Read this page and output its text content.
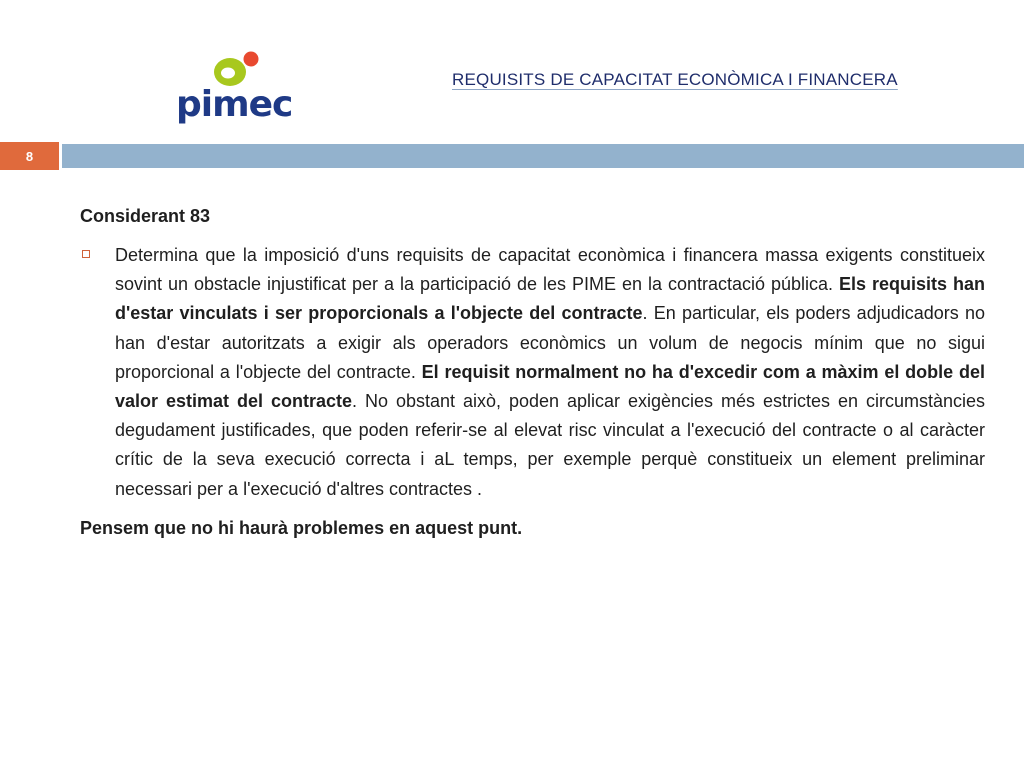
pimec
REQUISITS DE CAPACITAT ECONÒMICA I FINANCERA
8
Considerant 83

Determina que la imposició d'uns requisits de capacitat econòmica i financera massa exigents constitueix sovint un obstacle injustificat per a la participació de les PIME en la contractació pública. Els requisits han d'estar vinculats i ser proporcionals a l'objecte del contracte. En particular, els poders adjudicadors no han d'estar autoritzats a exigir als operadors econòmics un volum de negocis mínim que no sigui proporcional a l'objecte del contracte. El requisit normalment no ha d'excedir com a màxim el doble del valor estimat del contracte. No obstant això, poden aplicar exigències més estrictes en circumstàncies degudament justificades, que poden referir-se al elevat risc vinculat a l'execució del contracte o al caràcter crític de la seva execució correcta i aL temps, per exemple perquè constitueix un element preliminar necessari per a l'execució d'altres contractes .

Pensem que no hi haurà problemes en aquest punt.
